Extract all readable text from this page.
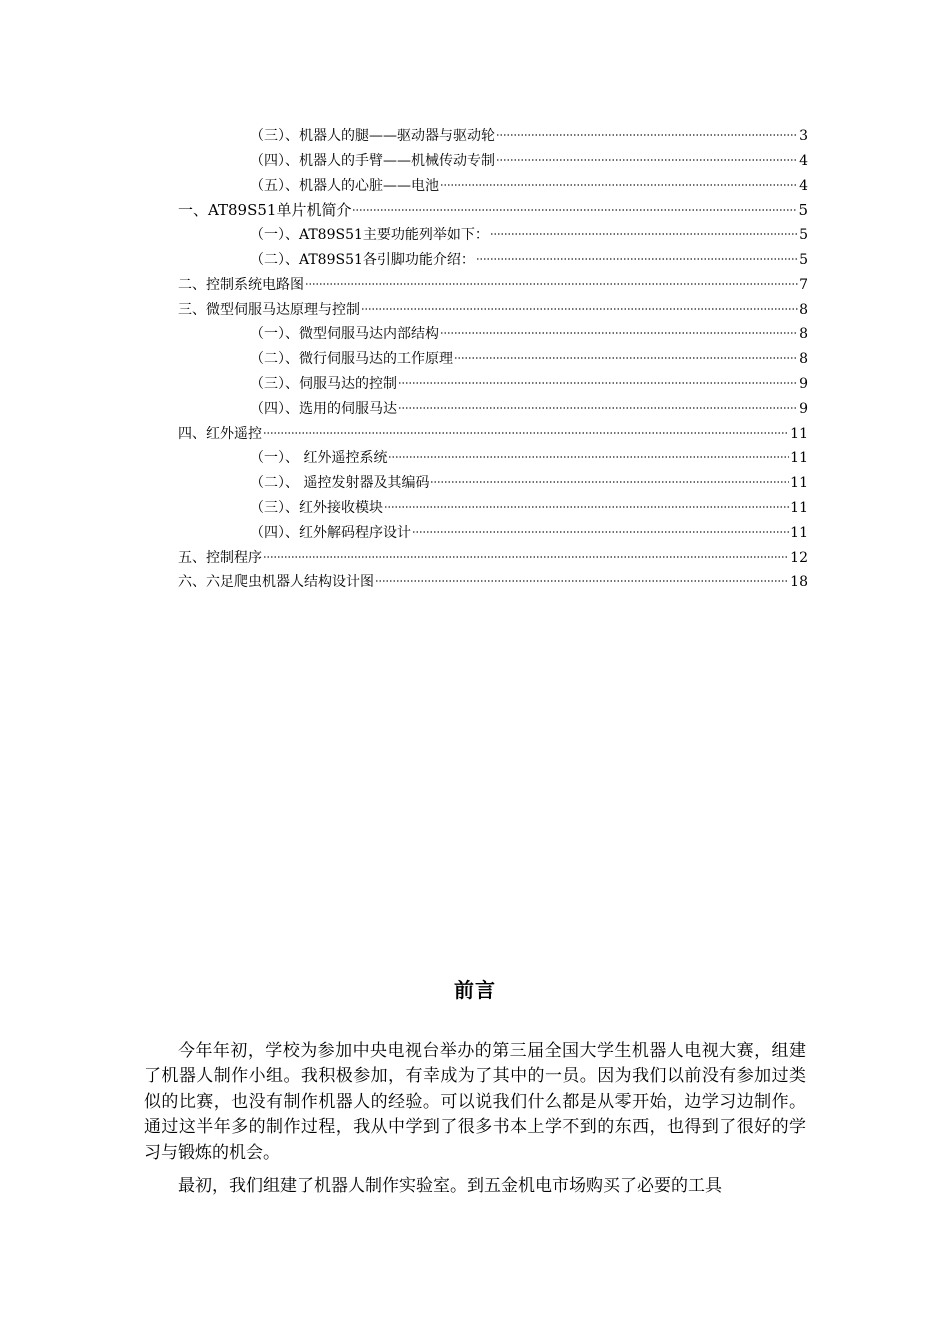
（三）、机器人的腿——驱动器与驱动轮	3
（四）、机器人的手臂——机械传动专制	4
（五）、机器人的心脏——电池	4
一、AT89S51单片机简介	5
（一）、AT89S51主要功能列举如下：	5
（二）、AT89S51各引脚功能介绍：	5
二、控制系统电路图	7
三、微型伺服马达原理与控制	8
（一）、微型伺服马达内部结构	8
（二）、微行伺服马达的工作原理	8
（三）、伺服马达的控制	9
（四）、选用的伺服马达	9
四、红外遥控	11
（一）、 红外遥控系统	11
（二）、 遥控发射器及其编码	11
（三）、红外接收模块	11
（四）、红外解码程序设计	11
五、控制程序	12
六、六足爬虫机器人结构设计图	18
前言

今年年初，学校为参加中央电视台举办的第三届全国大学生机器人电视大赛，组建了机器人制作小组。我积极参加，有幸成为了其中的一员。因为我们以前没有参加过类似的比赛，也没有制作机器人的经验。可以说我们什么都是从零开始，边学习边制作。通过这半年多的制作过程，我从中学到了很多书本上学不到的东西，也得到了很好的学习与锻炼的机会。

最初，我们组建了机器人制作实验室。到五金机电市场购买了必要的工具
